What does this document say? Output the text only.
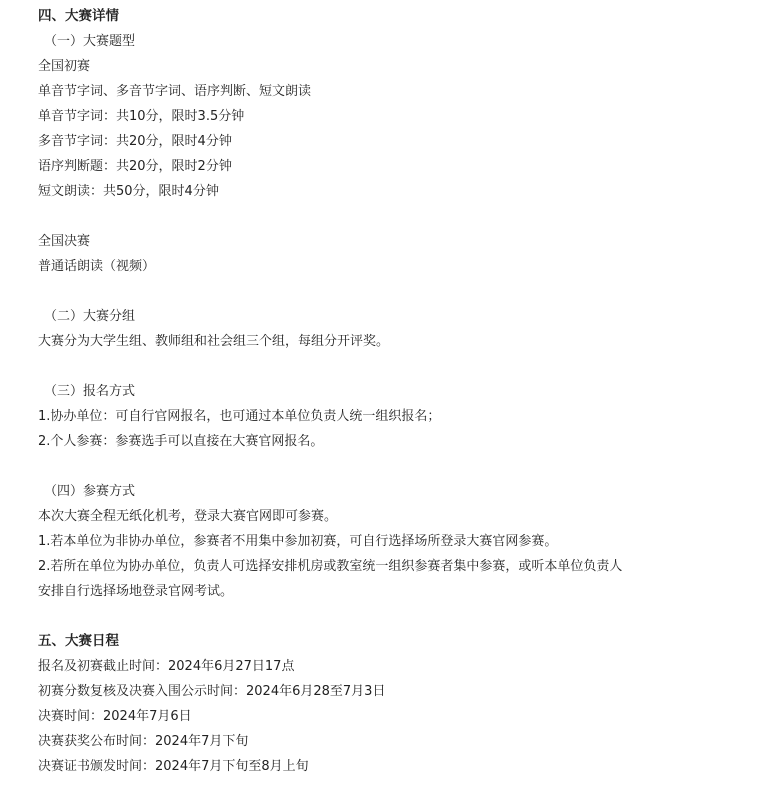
四、大赛详情
（一）大赛题型
全国初赛
单音节字词、多音节字词、语序判断、短文朗读
单音节字词：共10分，限时3.5分钟
多音节字词：共20分，限时4分钟
语序判断题：共20分，限时2分钟
短文朗读：共50分，限时4分钟
全国决赛
普通话朗读（视频）
（二）大赛分组
大赛分为大学生组、教师组和社会组三个组，每组分开评奖。
（三）报名方式
1.协办单位：可自行官网报名，也可通过本单位负责人统一组织报名；
2.个人参赛：参赛选手可以直接在大赛官网报名。
（四）参赛方式
本次大赛全程无纸化机考，登录大赛官网即可参赛。
1.若本单位为非协办单位，参赛者不用集中参加初赛，可自行选择场所登录大赛官网参赛。
2.若所在单位为协办单位，负责人可选择安排机房或教室统一组织参赛者集中参赛，或听本单位负责人
安排自行选择场地登录官网考试。
五、大赛日程
报名及初赛截止时间：2024年6月27日17点
初赛分数复核及决赛入围公示时间：2024年6月28至7月3日
决赛时间：2024年7月6日
决赛获奖公布时间：2024年7月下旬
决赛证书颁发时间：2024年7月下旬至8月上旬
